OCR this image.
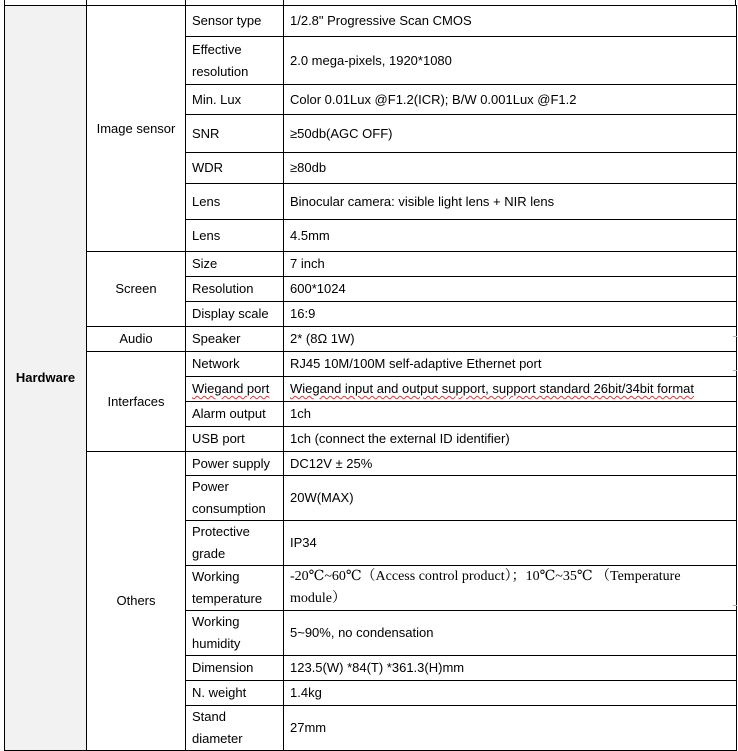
Hardware	Image sensor	Sensor type	1/2.8" Progressive Scan CMOS
		Effective resolution	2.0 mega-pixels, 1920*1080
		Min. Lux	Color 0.01Lux @F1.2(ICR); B/W 0.001Lux @F1.2
		SNR	≥50db(AGC OFF)
		WDR	≥80db
		Lens	Binocular camera: visible light lens + NIR lens
		Lens	4.5mm
	Screen	Size	7 inch
		Resolution	600*1024
		Display scale	16:9
	Audio	Speaker	2* (8Ω 1W)
	Interfaces	Network	RJ45 10M/100M self-adaptive Ethernet port
		Wiegand port	Wiegand input and output support, support standard 26bit/34bit format
		Alarm output	1ch
		USB port	1ch (connect the external ID identifier)
	Others	Power supply	DC12V ± 25%
		Power consumption	20W(MAX)
		Protective grade	IP34
		Working temperature	-20℃~60℃（Access control product）；10℃~35℃ （Temperature module）
		Working humidity	5~90%, no condensation
		Dimension	123.5(W) *84(T) *361.3(H)mm
		N. weight	1.4kg
		Stand diameter	27mm
